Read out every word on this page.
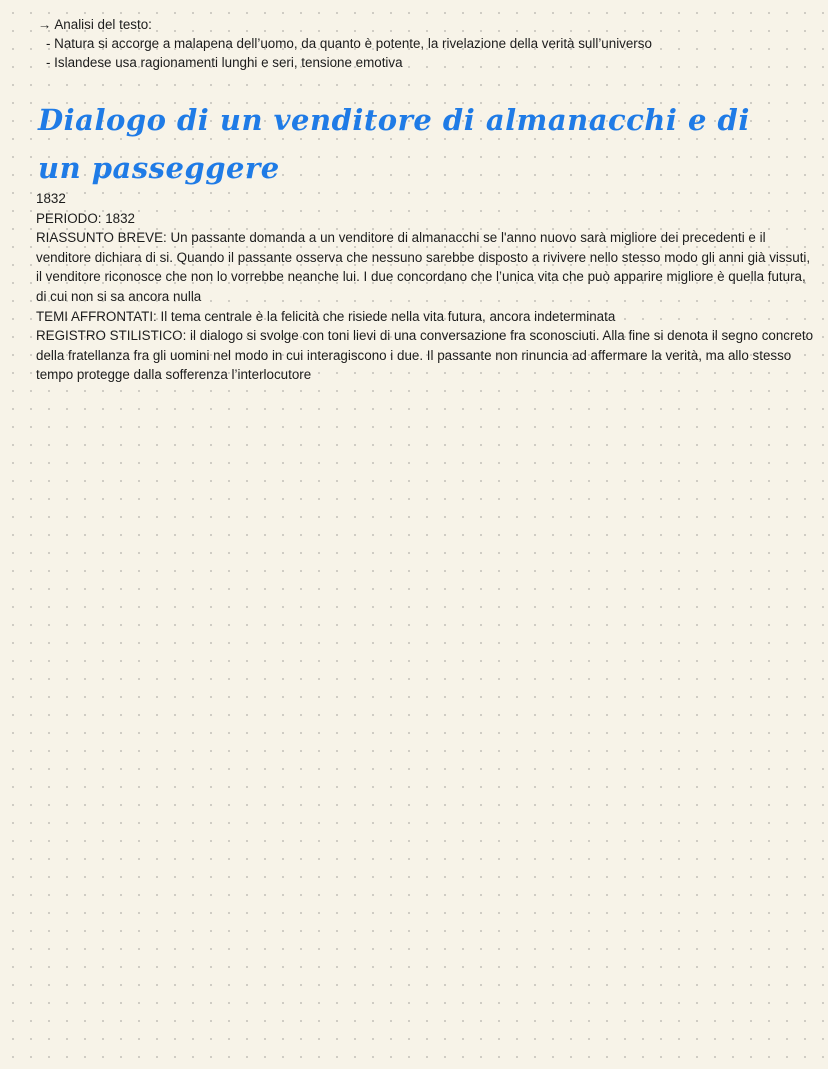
→ Analisi del testo:
- Natura si accorge a malapena dell’uomo, da quanto è potente, la rivelazione della verità sull’universo
- Islandese usa ragionamenti lunghi e seri, tensione emotiva
Dialogo di un venditore di almanacchi e di un passeggere

1832

PERIODO: 1832

RIASSUNTO BREVE: Un passante domanda a un venditore di almanacchi se l'anno nuovo sarà migliore dei precedenti e il venditore dichiara di si. Quando il passante osserva che nessuno sarebbe disposto a rivivere nello stesso modo gli anni già vissuti, il venditore riconosce che non lo vorrebbe neanche lui. I due concordano che l’unica vita che può apparire migliore è quella futura, di cui non si sa ancora nulla

TEMI AFFRONTATI: Il tema centrale è la felicità che risiede nella vita futura, ancora indeterminata

REGISTRO STILISTICO: il dialogo si svolge con toni lievi di una conversazione fra sconosciuti. Alla fine si denota il segno concreto della fratellanza fra gli uomini nel modo in cui interagiscono i due. Il passante non rinuncia ad affermare la verità, ma allo stesso tempo protegge dalla sofferenza l’interlocutore
